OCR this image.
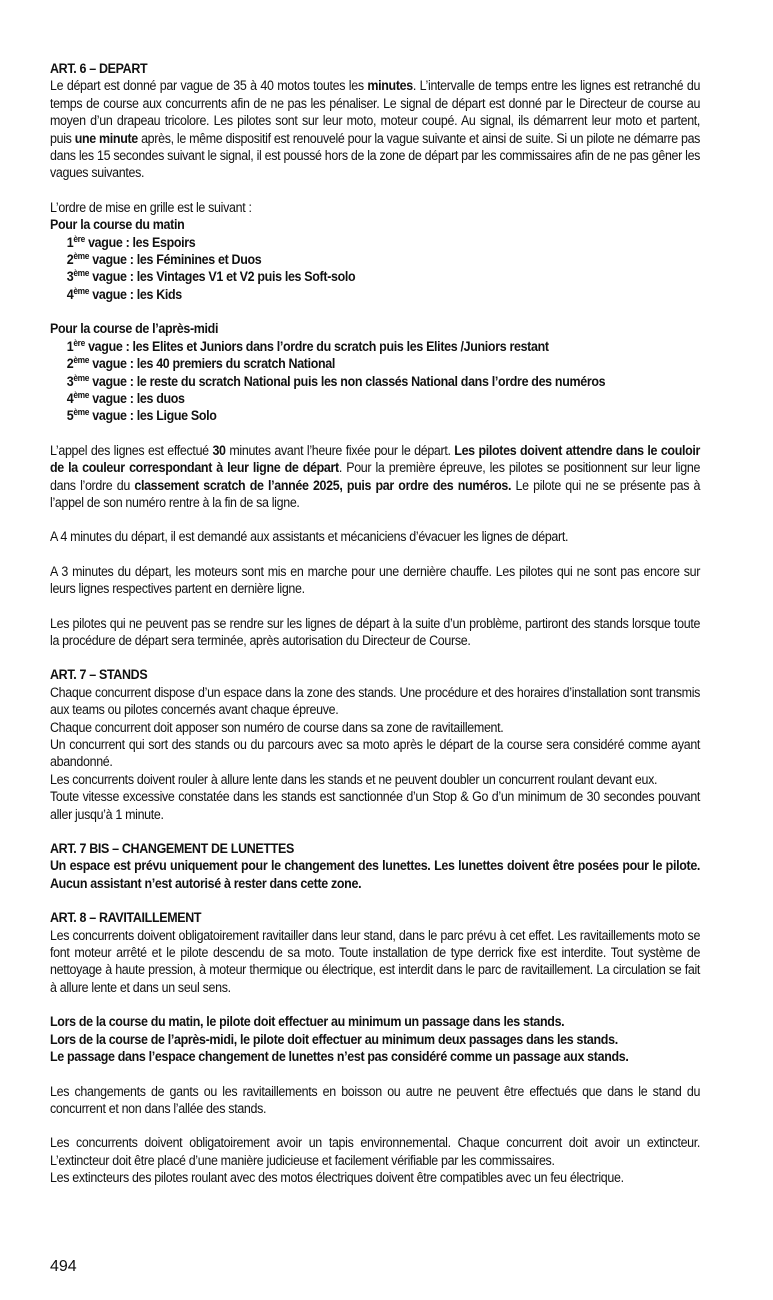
ART. 6 – DEPART

Le départ est donné par vague de 35 à 40 motos toutes les minutes. L’intervalle de temps entre les lignes est retranché du temps de course aux concurrents afin de ne pas les pénaliser. Le signal de départ est donné par le Directeur de course au moyen d’un drapeau tricolore. Les pilotes sont sur leur moto, moteur coupé. Au signal, ils démarrent leur moto et partent, puis une minute après, le même dispositif est renouvelé pour la vague suivante et ainsi de suite. Si un pilote ne démarre pas dans les 15 secondes suivant le signal, il est poussé hors de la zone de départ par les commissaires afin de ne pas gêner les vagues suivantes.

L’ordre de mise en grille est le suivant :

Pour la course du matin

1ère vague : les Espoirs

2ème vague : les Féminines et Duos

3ème vague : les Vintages V1 et V2 puis les Soft-solo

4ème vague : les Kids

Pour la course de l’après-midi

1ère vague : les Elites et Juniors dans l’ordre du scratch puis les Elites /Juniors restant

2ème vague : les 40 premiers du scratch National

3ème vague : le reste du scratch National puis les non classés National dans l’ordre des numéros

4ème vague : les duos

5ème vague : les Ligue Solo

L’appel des lignes est effectué 30 minutes avant l’heure fixée pour le départ. Les pilotes doivent attendre dans le couloir de la couleur correspondant à leur ligne de départ. Pour la première épreuve, les pilotes se positionnent sur leur ligne dans l’ordre du classement scratch de l’année 2025, puis par ordre des numéros. Le pilote qui ne se présente pas à l’appel de son numéro rentre à la fin de sa ligne.

A 4 minutes du départ, il est demandé aux assistants et mécaniciens d’évacuer les lignes de départ.

A 3 minutes du départ, les moteurs sont mis en marche pour une dernière chauffe. Les pilotes qui ne sont pas encore sur leurs lignes respectives partent en dernière ligne.

Les pilotes qui ne peuvent pas se rendre sur les lignes de départ à la suite d’un problème, partiront des stands lorsque toute la procédure de départ sera terminée, après autorisation du Directeur de Course.

ART. 7 – STANDS

Chaque concurrent dispose d’un espace dans la zone des stands. Une procédure et des horaires d’installation sont transmis aux teams ou pilotes concernés avant chaque épreuve.

Chaque concurrent doit apposer son numéro de course dans sa zone de ravitaillement.

Un concurrent qui sort des stands ou du parcours avec sa moto après le départ de la course sera considéré comme ayant abandonné.

Les concurrents doivent rouler à allure lente dans les stands et ne peuvent doubler un concurrent roulant devant eux.

Toute vitesse excessive constatée dans les stands est sanctionnée d’un Stop & Go d’un minimum de 30 secondes pouvant aller jusqu’à 1 minute.

ART. 7 BIS – CHANGEMENT DE LUNETTES

Un espace est prévu uniquement pour le changement des lunettes. Les lunettes doivent être posées pour le pilote. Aucun assistant n’est autorisé à rester dans cette zone.

ART. 8 – RAVITAILLEMENT

Les concurrents doivent obligatoirement ravitailler dans leur stand, dans le parc prévu à cet effet. Les ravitaillements moto se font moteur arrêté et le pilote descendu de sa moto. Toute installation de type derrick fixe est interdite. Tout système de nettoyage à haute pression, à moteur thermique ou électrique, est interdit dans le parc de ravitaillement. La circulation se fait à allure lente et dans un seul sens.

Lors de la course du matin, le pilote doit effectuer au minimum un passage dans les stands.

Lors de la course de l’après-midi, le pilote doit effectuer au minimum deux passages dans les stands.

Le passage dans l’espace changement de lunettes n’est pas considéré comme un passage aux stands.

Les changements de gants ou les ravitaillements en boisson ou autre ne peuvent être effectués que dans le stand du concurrent et non dans l’allée des stands.

Les concurrents doivent obligatoirement avoir un tapis environnemental. Chaque concurrent doit avoir un extincteur. L’extincteur doit être placé d’une manière judicieuse et facilement vérifiable par les commissaires.

Les extincteurs des pilotes roulant avec des motos électriques doivent être compatibles avec un feu électrique.

494
